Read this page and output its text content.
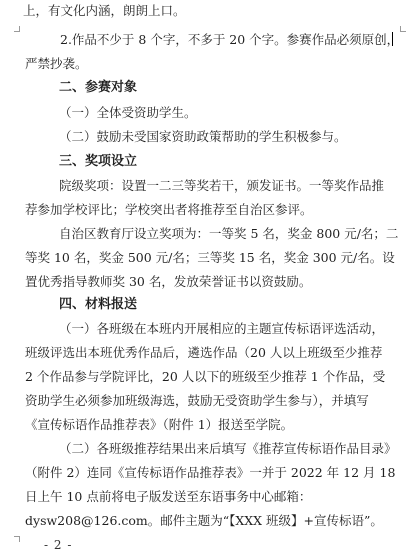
上，有文化内涵，朗朗上口。
2.作品不少于 8 个字，不多于 20 个字。参赛作品必须原创，
严禁抄袭。
二、参赛对象
（一）全体受资助学生。
（二）鼓励未受国家资助政策帮助的学生积极参与。
三、奖项设立
院级奖项：设置一二三等奖若干，颁发证书。一等奖作品推
荐参加学校评比；学校突出者将推荐至自治区参评。
自治区教育厅设立奖项为：一等奖 5 名，奖金 800 元/名；二
等奖 10 名，奖金 500 元/名；三等奖 15 名，奖金 300 元/名。设
置优秀指导教师奖 30 名，发放荣誉证书以资鼓励。
四、材料报送
（一）各班级在本班内开展相应的主题宣传标语评选活动，
班级评选出本班优秀作品后，遴选作品（20 人以上班级至少推荐
2 个作品参与学院评比，20 人以下的班级至少推荐 1 个作品，受
资助学生必须参加班级海选，鼓励无受资助学生参与），并填写
《宣传标语作品推荐表》（附件 1）报送至学院。
（二）各班级推荐结果出来后填写《推荐宣传标语作品目录》
（附件 2）连同《宣传标语作品推荐表》一并于 2022 年 12 月 18
日上午 10 点前将电子版发送至东语事务中心邮箱：
dysw208@126.com。邮件主题为“【XXX 班级】+宣传标语”。
- 2 -
